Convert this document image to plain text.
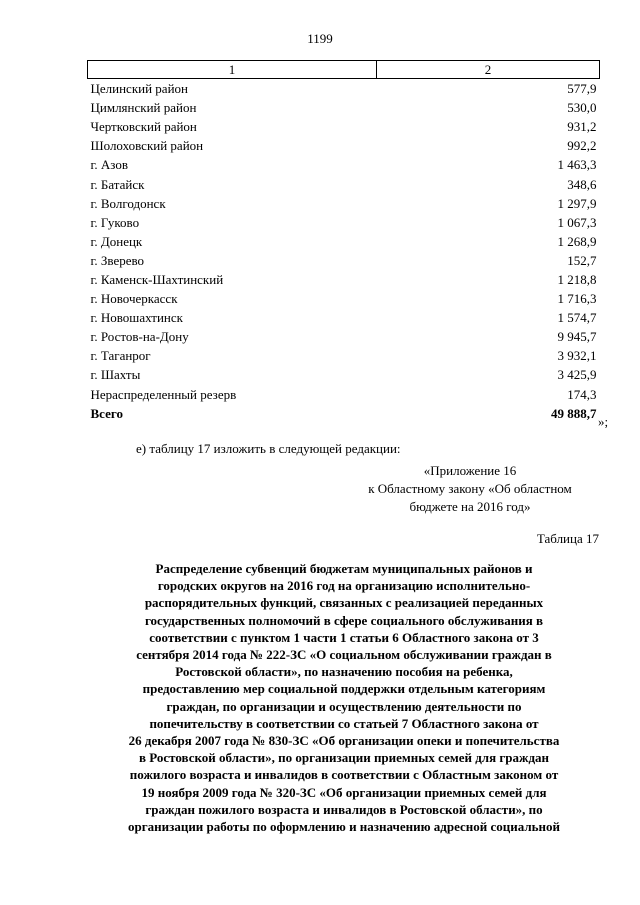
1199
1	2
Целинский район	577,9
Цимлянский район	530,0
Чертковский район	931,2
Шолоховский район	992,2
г. Азов	1 463,3
г. Батайск	348,6
г. Волгодонск	1 297,9
г. Гуково	1 067,3
г. Донецк	1 268,9
г. Зверево	152,7
г. Каменск-Шахтинский	1 218,8
г. Новочеркасск	1 716,3
г. Новошахтинск	1 574,7
г. Ростов-на-Дону	9 945,7
г. Таганрог	3 932,1
г. Шахты	3 425,9
Нераспределенный резерв	174,3
Всего	49 888,7
»;
е) таблицу 17 изложить в следующей редакции:
«Приложение 16
к Областному закону «Об областном
бюджете на 2016 год»
Таблица 17
Распределение субвенций бюджетам муниципальных районов и
городских округов на 2016 год на организацию исполнительно-
распорядительных функций, связанных с реализацией переданных
государственных полномочий в сфере социального обслуживания в
соответствии с пунктом 1 части 1 статьи 6 Областного закона от 3
сентября 2014 года № 222-ЗС «О социальном обслуживании граждан в
Ростовской области», по назначению пособия на ребенка,
предоставлению мер социальной поддержки отдельным категориям
граждан, по организации и осуществлению деятельности по
попечительству в соответствии со статьей 7 Областного закона от
26 декабря 2007 года № 830-ЗС «Об организации опеки и попечительства
в Ростовской области», по организации приемных семей для граждан
пожилого возраста и инвалидов в соответствии с Областным законом от
19 ноября 2009 года № 320-ЗС «Об организации приемных семей для
граждан пожилого возраста и инвалидов в Ростовской области», по
организации работы по оформлению и назначению адресной социальной
